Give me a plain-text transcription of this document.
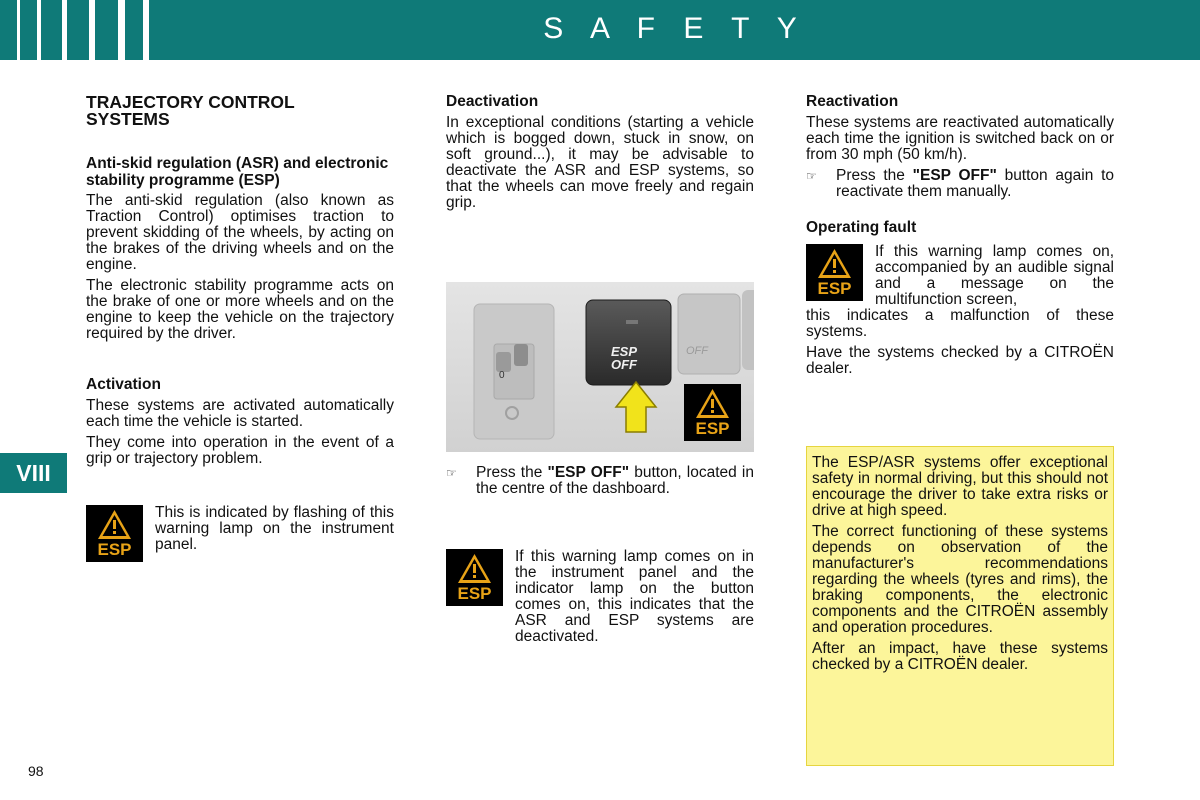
S A F E T Y
VIII
98
TRAJECTORY CONTROL
SYSTEMS
Anti-skid regulation (ASR) and electronic stability programme (ESP)

The anti-skid regulation (also known as Traction Control) optimises traction to prevent skidding of the wheels, by acting on the brakes of the driving wheels and on the engine.

The electronic stability programme acts on the brake of one or more wheels and on the engine to keep the vehicle on the trajectory required by the driver.

Activation

These systems are activated automatically each time the vehicle is started.

They come into operation in the event of a grip or trajectory problem.

ESP
This is indicated by flashing of this warning lamp on the instrument panel.
Deactivation

In exceptional conditions (starting a vehicle which is bogged down, stuck in snow, on soft ground...), it may be advisable to deactivate the ASR and ESP systems, so that the wheels can move freely and regain grip.

ESP
OFF
0
OFF
ESP
☞	Press the "ESP OFF" button, located in the centre of the dashboard.
ESP
If this warning lamp comes on in the instrument panel and the indicator lamp on the button comes on, this indicates that the ASR and ESP systems are deactivated.
Reactivation

These systems are reactivated automatically each time the ignition is switched back on or from 30 mph (50 km/h).

☞	Press the "ESP OFF" button again to reactivate them manually.
Operating fault
ESP
If this warning lamp comes on, accompanied by an audible signal and a message on the multifunction screen,

this indicates a malfunction of these systems.

Have the systems checked by a CITROËN dealer.

The ESP/ASR systems offer exceptional safety in normal driving, but this should not encourage the driver to take extra risks or drive at high speed.

The correct functioning of these systems depends on observation of the manufacturer's recommendations regarding the wheels (tyres and rims), the braking components, the electronic components and the CITROËN assembly and operation procedures.

After an impact, have these systems checked by a CITROËN dealer.
